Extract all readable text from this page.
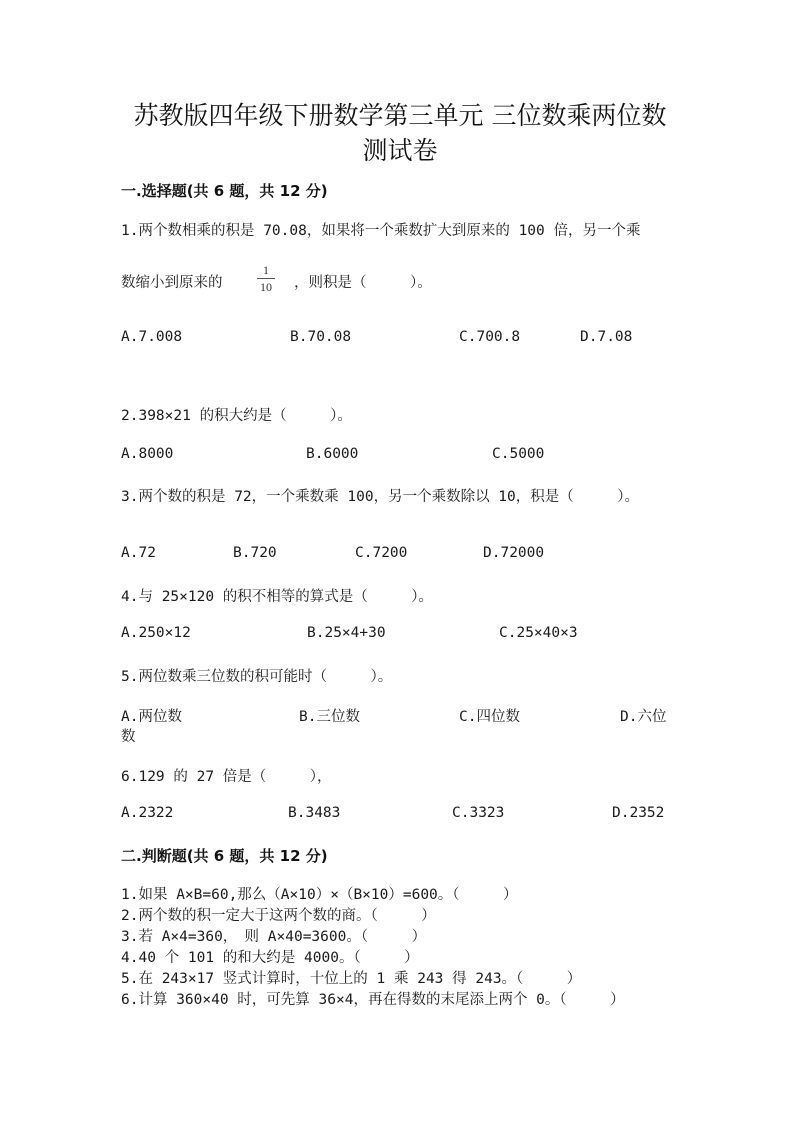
苏教版四年级下册数学第三单元 三位数乘两位数
测试卷
一.选择题(共 6 题，共 12 分)
1.两个数相乘的积是 70.08，如果将一个乘数扩大到原来的 100 倍，另一个乘
数缩小到原来的
1
10 ，则积是（　　　）。
A.7.008	B.70.08	C.700.8	D.7.08
2.398×21 的积大约是（　　　）。
A.8000	B.6000	C.5000
3.两个数的积是 72，一个乘数乘 100，另一个乘数除以 10，积是（　　　）。
A.72	B.720	C.7200	D.72000
4.与 25×120 的积不相等的算式是（　　　）。
A.250×12	B.25×4+30	C.25×40×3
5.两位数乘三位数的积可能时（　　　）。
A.两位数	B.三位数	C.四位数	D.六位
数
6.129 的 27 倍是（　　　），
A.2322	B.3483	C.3323	D.2352
二.判断题(共 6 题，共 12 分)
1.如果 A×B=60,那么（A×10）×（B×10）=600。（　　　）
2.两个数的积一定大于这两个数的商。（　　　）
3.若 A×4=360，　则 A×40=3600。（　　　）
4.40 个 101 的和大约是 4000。（　　　）
5.在 243×17 竖式计算时，十位上的 1 乘 243 得 243。（　　　）
6.计算 360×40 时，可先算 36×4，再在得数的末尾添上两个 0。（　　　）
